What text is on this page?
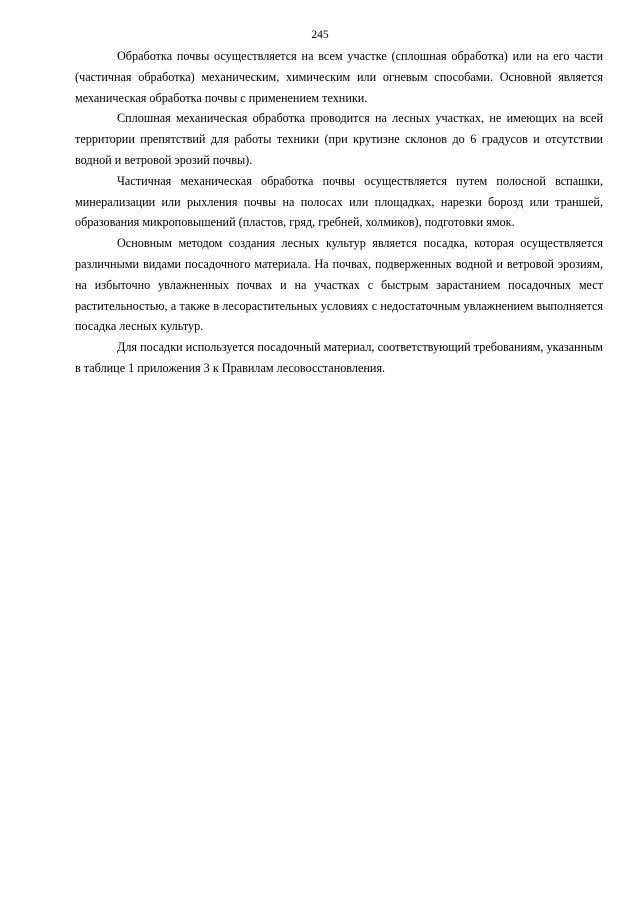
245

Обработка почвы осуществляется на всем участке (сплошная обработка) или на его части (частичная обработка) механическим, химическим или огневым способами. Основной является механическая обработка почвы с применением техники.

Сплошная механическая обработка проводится на лесных участках, не имеющих на всей территории препятствий для работы техники (при крутизне склонов до 6 градусов и отсутствии водной и ветровой эрозий почвы).

Частичная механическая обработка почвы осуществляется путем полосной вспашки, минерализации или рыхления почвы на полосах или площадках, нарезки борозд или траншей, образования микроповышений (пластов, гряд, гребней, холмиков), подготовки ямок.

Основным методом создания лесных культур является посадка, которая осуществляется различными видами посадочного материала. На почвах, подверженных водной и ветровой эрозиям, на избыточно увлажненных почвах и на участках с быстрым зарастанием посадочных мест растительностью, а также в лесорастительных условиях с недостаточным увлажнением выполняется посадка лесных культур.

Для посадки используется посадочный материал, соответствующий требованиям, указанным в таблице 1 приложения 3 к Правилам лесовосстановления.
